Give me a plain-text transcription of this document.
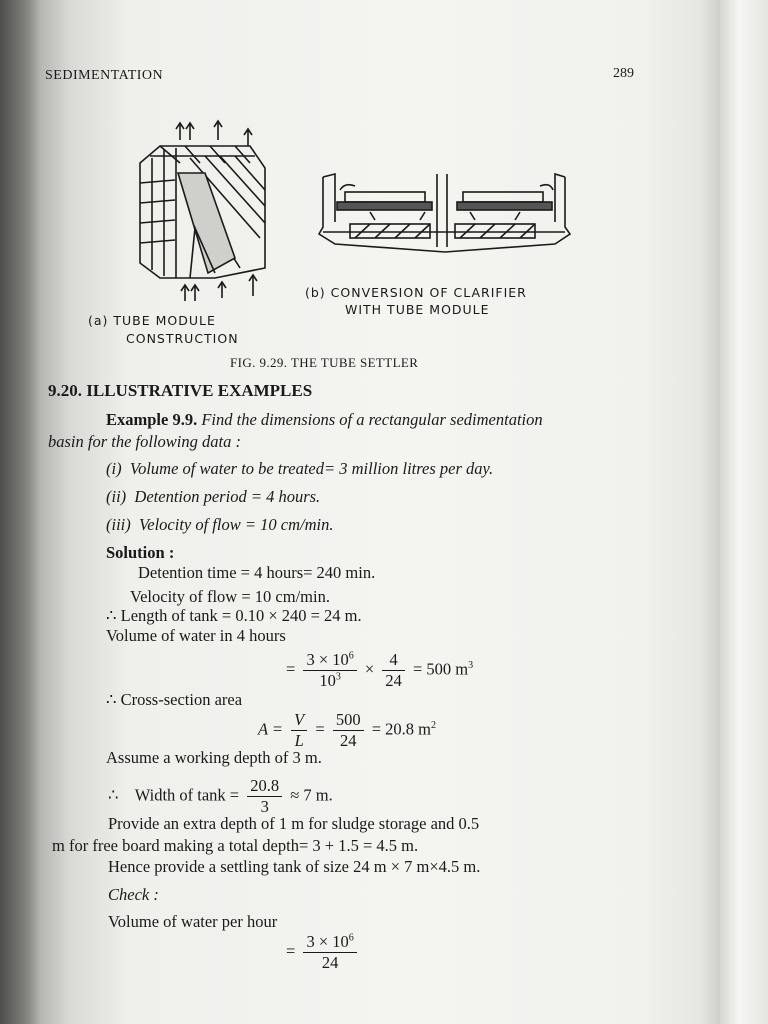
SEDIMENTATION	289
(b) CONVERSION OF CLARIFIER
WITH TUBE MODULE
(a) TUBE MODULE
CONSTRUCTION
FIG. 9.29. THE TUBE SETTLER
9.20. ILLUSTRATIVE EXAMPLES
Example 9.9. Find the dimensions of a rectangular sedimentation
basin for the following data :
(i) Volume of water to be treated= 3 million litres per day.
(ii) Detention period = 4 hours.
(iii) Velocity of flow = 10 cm/min.
Solution :
Detention time = 4 hours= 240 min.
Velocity of flow = 10 cm/min.
∴ Length of tank = 0.10 × 240 = 24 m.
Volume of water in 4 hours
= $\frac{3 \times 10^6}{10^3} \times \frac{4}{24} = 500$ $m^3$
∴ Cross-section area
$A = \frac{V}{L} = \frac{500}{24} = 20.8$ $m^2$
Assume a working depth of 3 m.
∴    Width of $\tan k = \frac{20.8}{3} \approx 7$ m.
Provide an extra depth of 1 m for sludge storage and 0.5
m for free board making a total depth= 3 + 1.5 = 4.5 m.
Hence provide a settling tank of size 24 m × 7 m×4.5 m.
Check :
Volume of water per hour
= $\frac{3 \times 10^6}{24}$
